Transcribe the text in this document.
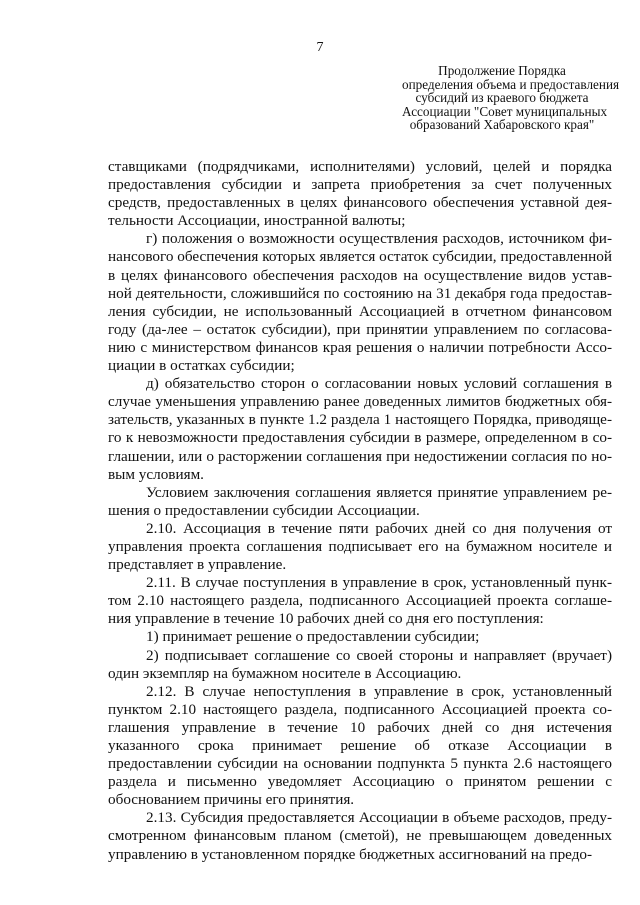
7
Продолжение Порядка
определения объема и предоставления
субсидий из краевого бюджета
Ассоциации "Совет муниципальных
образований Хабаровского края"

ставщиками (подрядчиками, исполнителями) условий, целей и порядка предоставления субсидии и запрета приобретения за счет полученных средств, предоставленных в целях финансового обеспечения уставной деятельности Ассоциации, иностранной валюты;

г) положения о возможности осуществления расходов, источником финансового обеспечения которых является остаток субсидии, предоставленной в целях финансового обеспечения расходов на осуществление видов уставной деятельности, сложившийся по состоянию на 31 декабря года предоставления субсидии, не использованный Ассоциацией в отчетном финансовом году (да-лее – остаток субсидии), при принятии управлением по согласованию с министерством финансов края решения о наличии потребности Ассоциации в остатках субсидии;

д) обязательство сторон о согласовании новых условий соглашения в случае уменьшения управлению ранее доведенных лимитов бюджетных обязательств, указанных в пункте 1.2 раздела 1 настоящего Порядка, приводящего к невозможности предоставления субсидии в размере, определенном в соглашении, или о расторжении соглашения при недостижении согласия по новым условиям.

Условием заключения соглашения является принятие управлением решения о предоставлении субсидии Ассоциации.

2.10. Ассоциация в течение пяти рабочих дней со дня получения от управления проекта соглашения подписывает его на бумажном носителе и представляет в управление.

2.11. В случае поступления в управление в срок, установленный пунктом 2.10 настоящего раздела, подписанного Ассоциацией проекта соглашения управление в течение 10 рабочих дней со дня его поступления:

1) принимает решение о предоставлении субсидии;

2) подписывает соглашение со своей стороны и направляет (вручает) один экземпляр на бумажном носителе в Ассоциацию.

2.12. В случае непоступления в управление в срок, установленный пунктом 2.10 настоящего раздела, подписанного Ассоциацией проекта соглашения управление в течение 10 рабочих дней со дня истечения указанного срока принимает решение об отказе Ассоциации в предоставлении субсидии на основании подпункта 5 пункта 2.6 настоящего раздела и письменно уведомляет Ассоциацию о принятом решении с обоснованием причины его принятия.

2.13. Субсидия предоставляется Ассоциации в объеме расходов, предусмотренном финансовым планом (сметой), не превышающем доведенных управлению в установленном порядке бюджетных ассигнований на предо-
